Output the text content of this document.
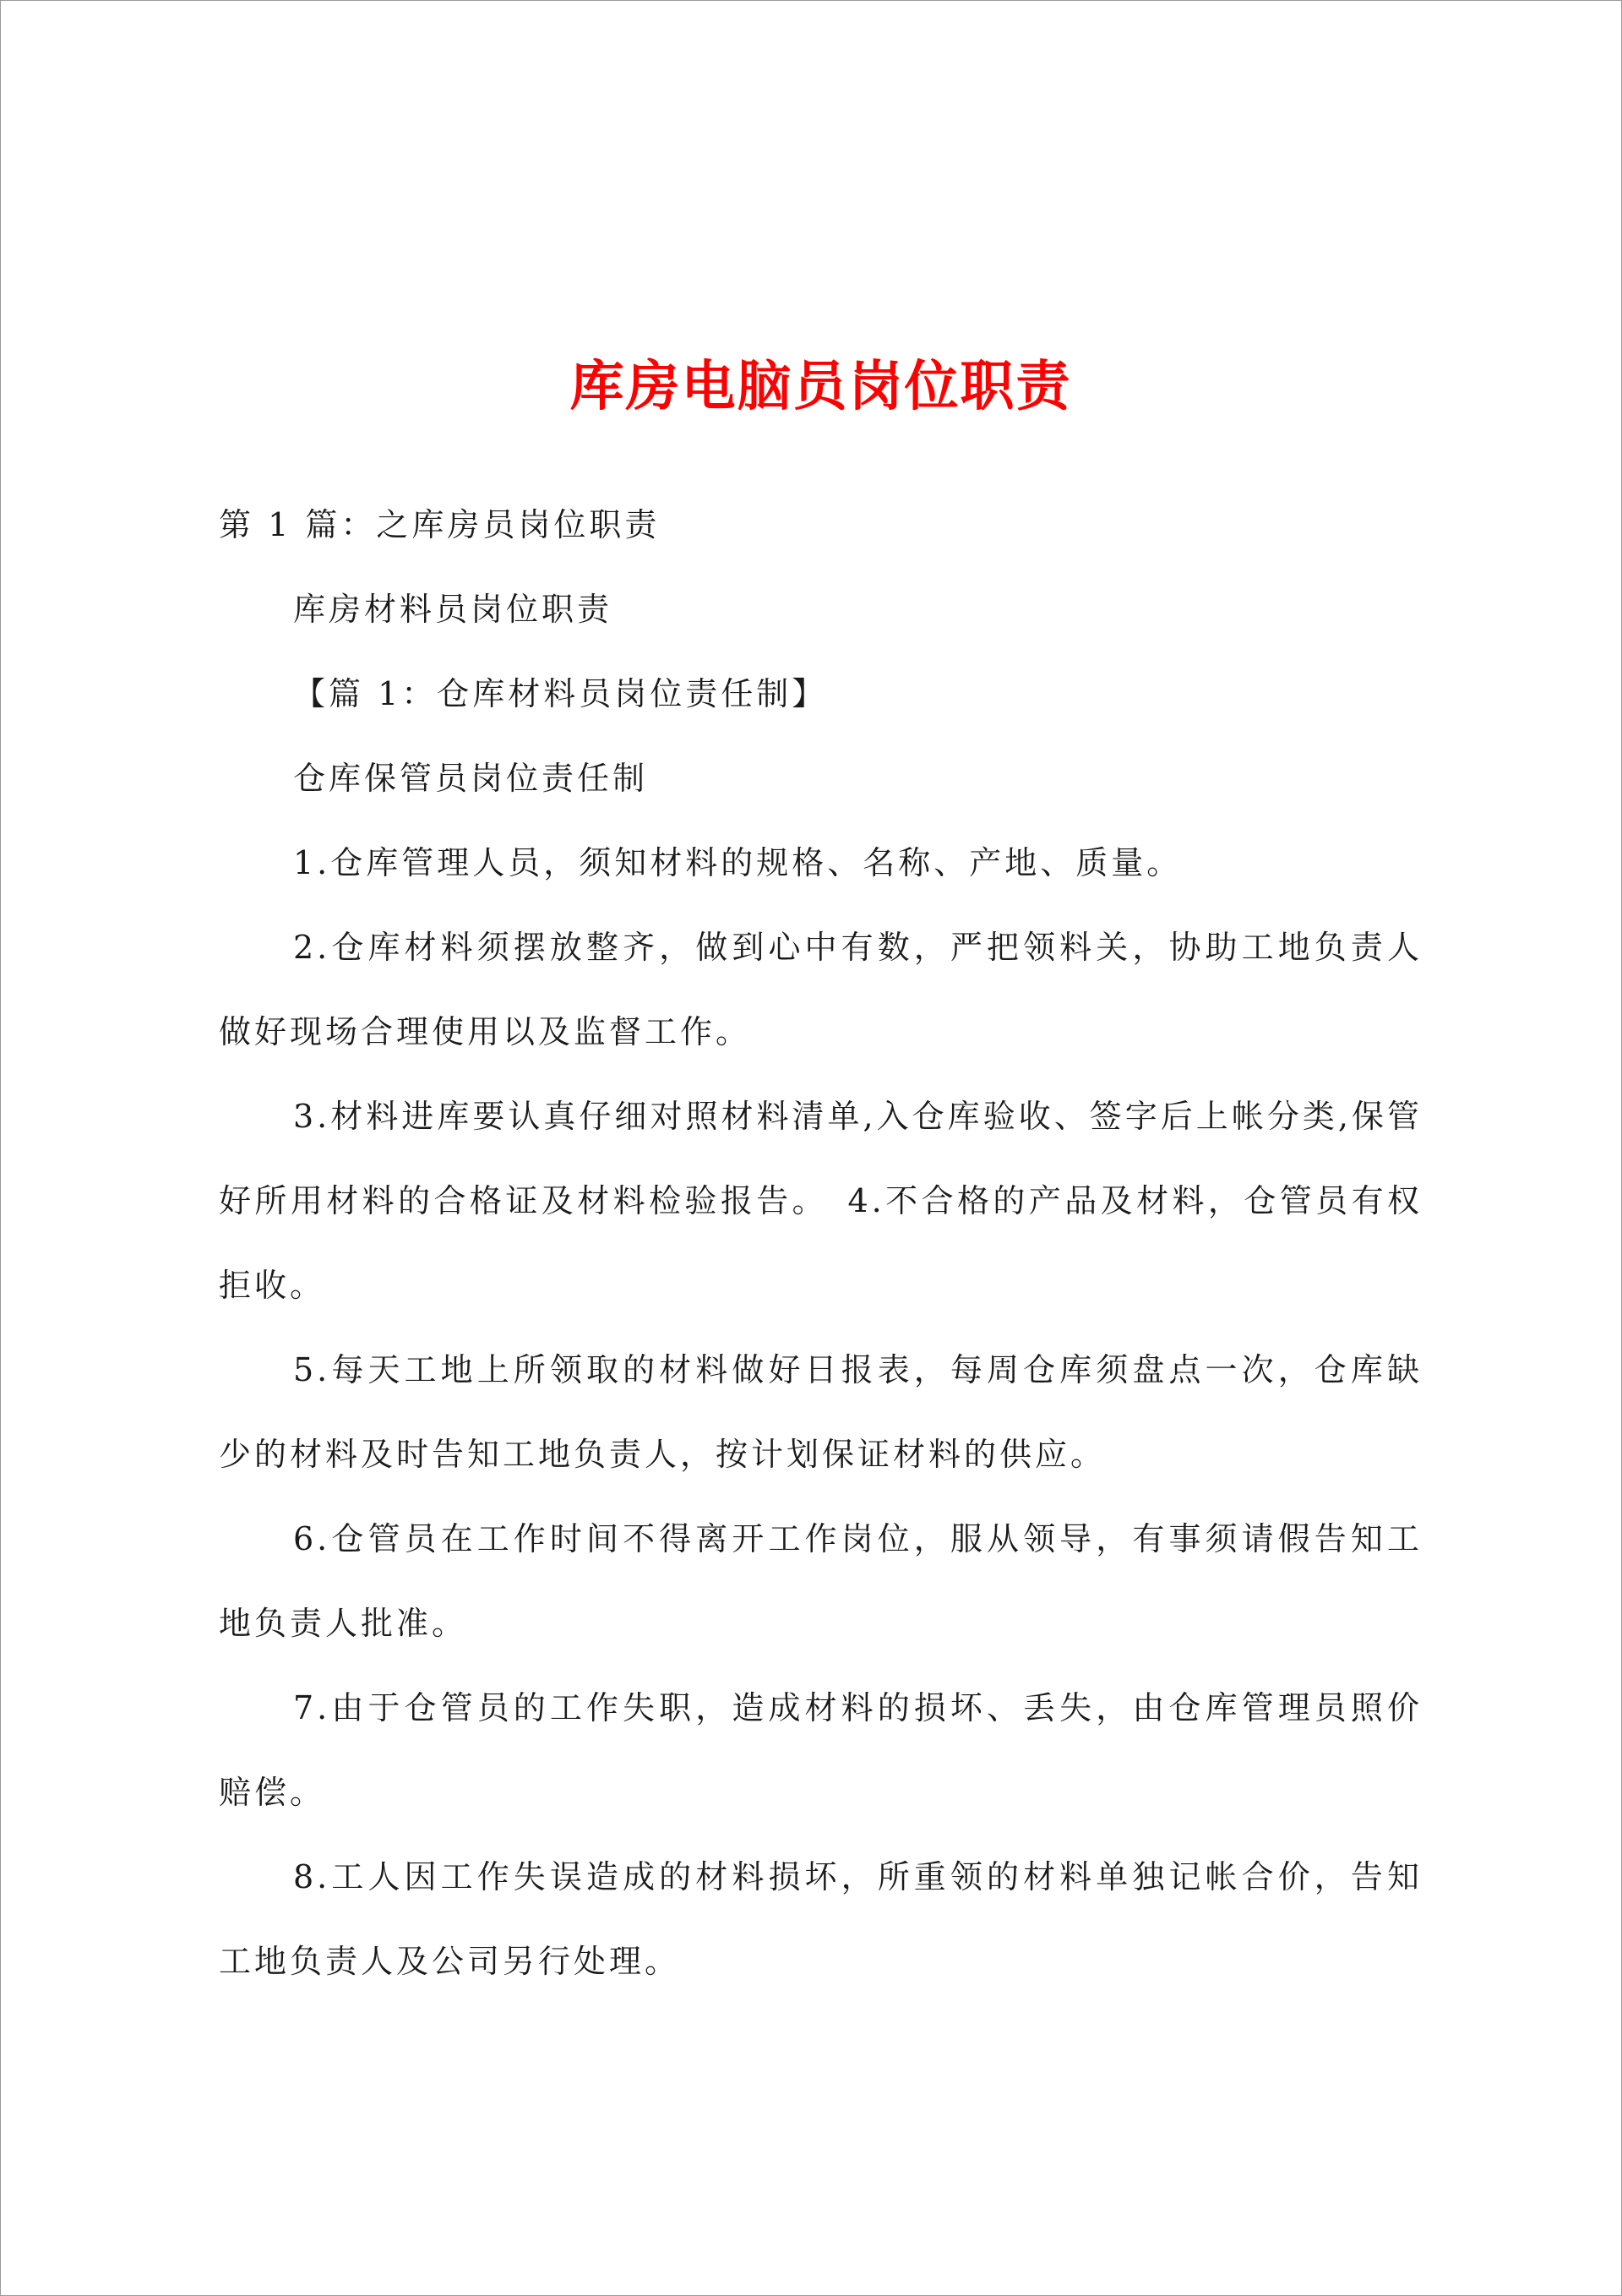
库房电脑员岗位职责

第 1 篇：之库房员岗位职责

库房材料员岗位职责

【篇 1：仓库材料员岗位责任制】

仓库保管员岗位责任制

1.仓库管理人员，须知材料的规格、名称、产地、质量。

2.仓库材料须摆放整齐，做到心中有数，严把领料关，协助工地负责人做好现场合理使用以及监督工作。

3.材料进库要认真仔细对照材料清单,入仓库验收、签字后上帐分类,保管好所用材料的合格证及材料检验报告。　4.不合格的产品及材料，仓管员有权拒收。

5.每天工地上所领取的材料做好日报表，每周仓库须盘点一次，仓库缺少的材料及时告知工地负责人，按计划保证材料的供应。

6.仓管员在工作时间不得离开工作岗位，服从领导，有事须请假告知工地负责人批准。

7.由于仓管员的工作失职，造成材料的损坏、丢失，由仓库管理员照价赔偿。

8.工人因工作失误造成的材料损坏，所重领的材料单独记帐合价，告知工地负责人及公司另行处理。
